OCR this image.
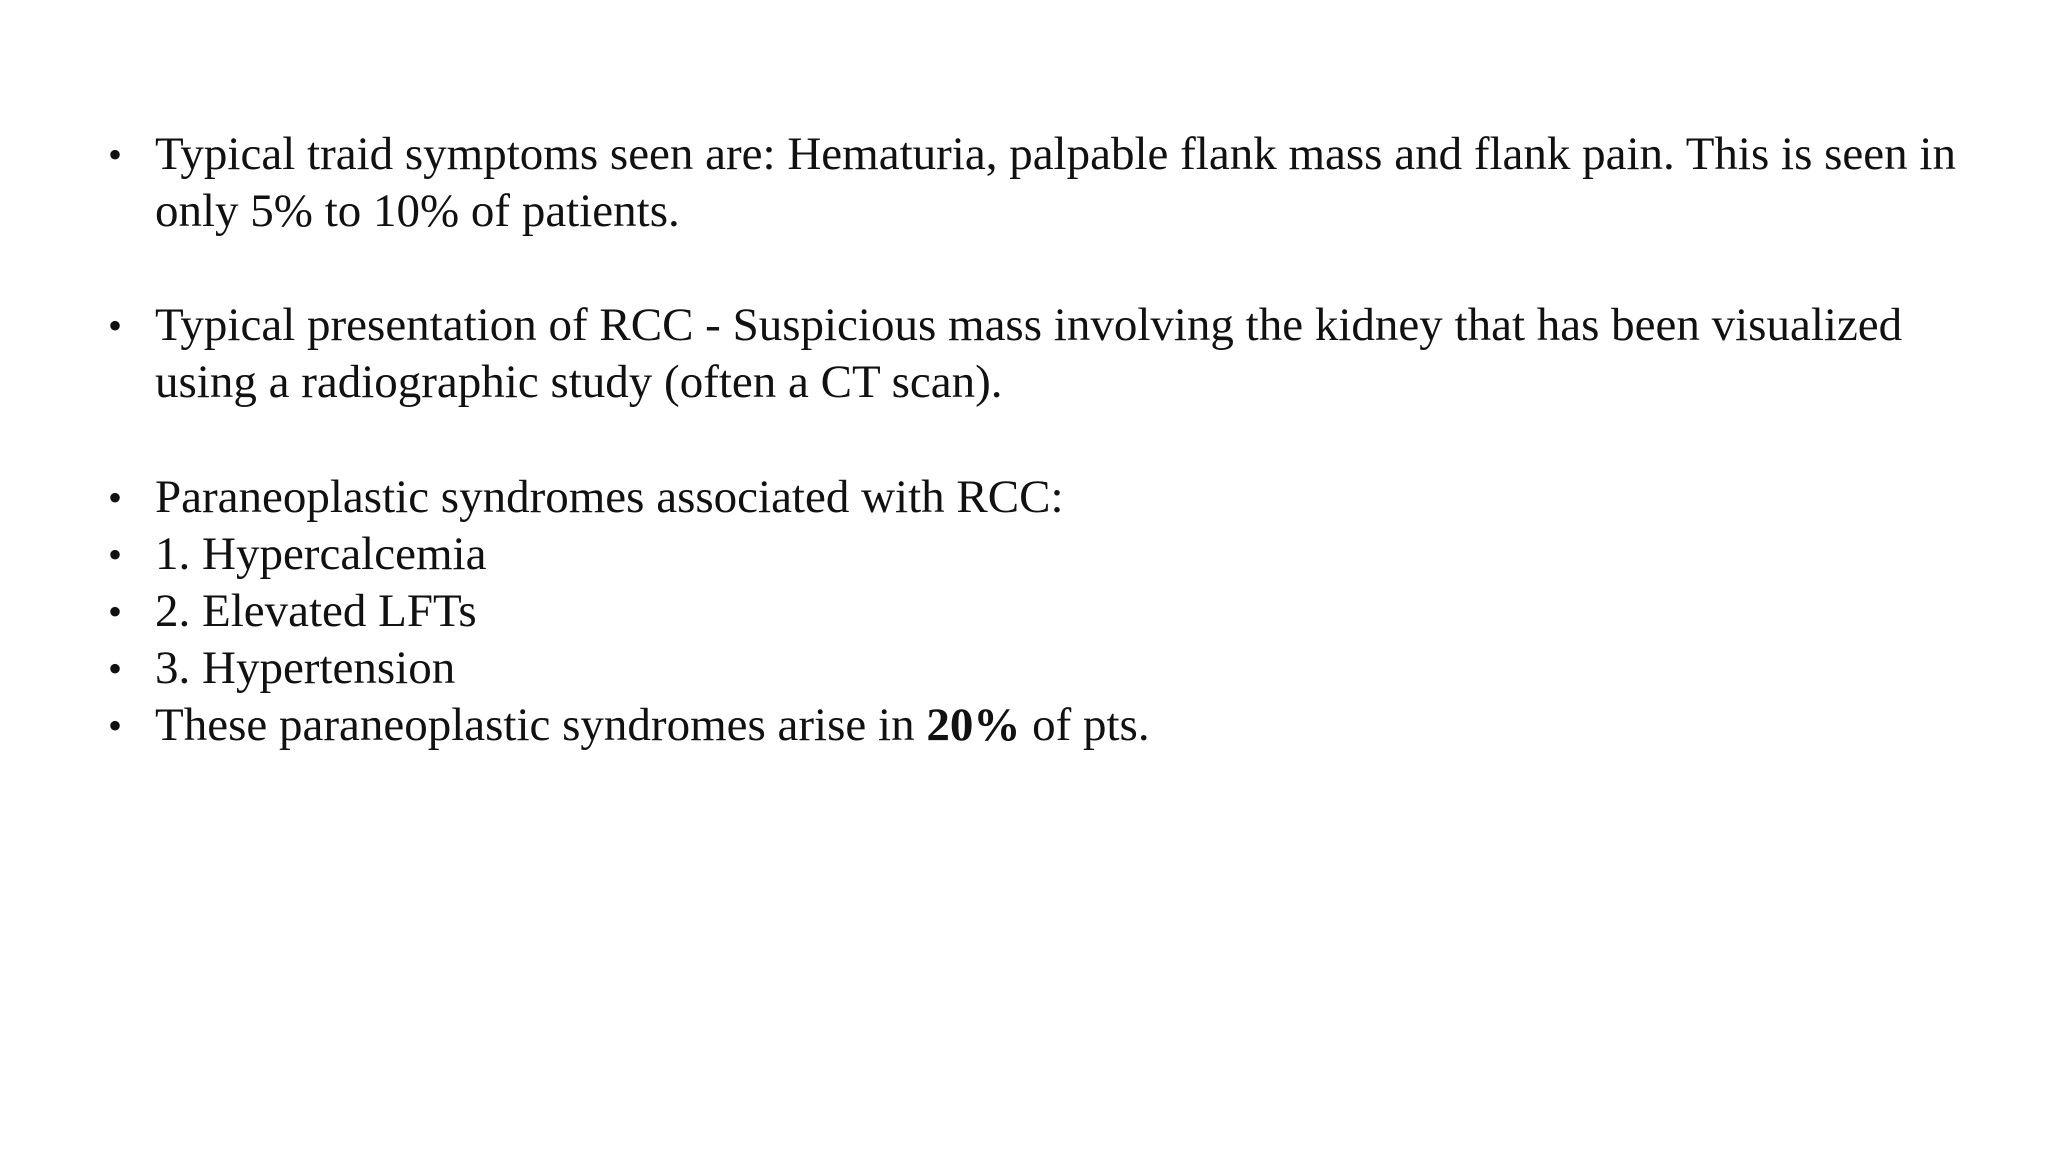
• Typical traid symptoms seen are: Hematuria, palpable flank mass and flank pain. This is seen in
only 5% to 10% of patients.
• Typical presentation of RCC - Suspicious mass involving the kidney that has been visualized
using a radiographic study (often a CT scan).
• Paraneoplastic syndromes associated with RCC:
• 1. Hypercalcemia
• 2. Elevated LFTs
• 3. Hypertension
• These paraneoplastic syndromes arise in 20% of pts.
